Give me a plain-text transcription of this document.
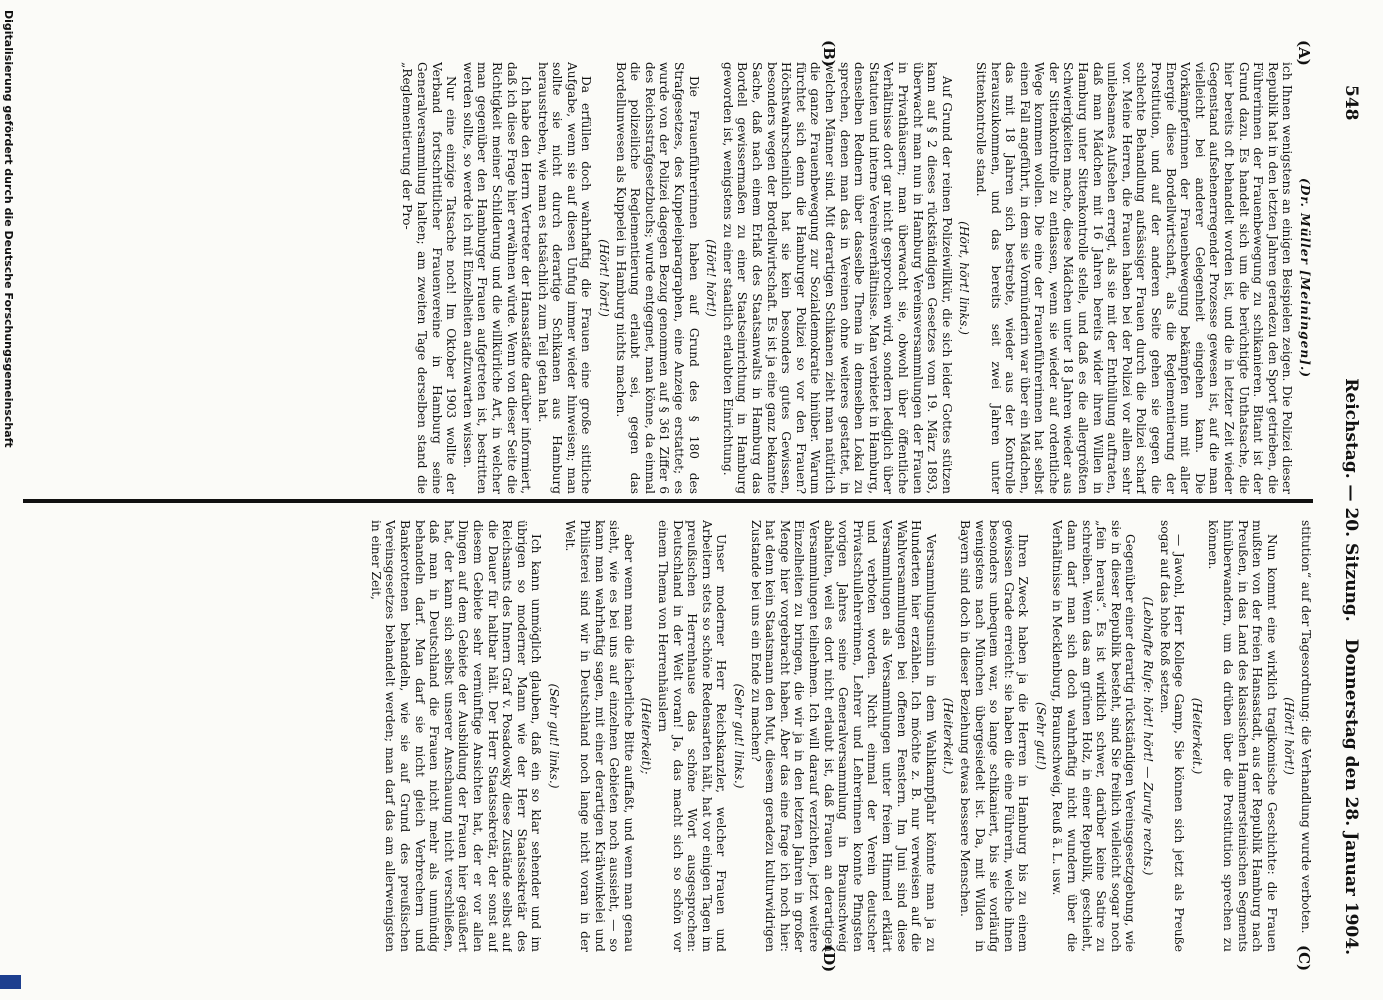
548
Reichstag. — 20. Sitzung.
Donnerstag den 28. Januar 1904.
(A)
(B)
(C)
(D)

(Dr. Müller [Meiningen].)

ich Ihnen wenigstens an einigen Beispielen zeigen. Die Polizei dieser Republik hat in den letzten Jahren geradezu den Sport getrieben, die Führerinnen der Frauenbewegung zu schikanieren. Bitant ist der Grund dazu. Es handelt sich um die berüchtigte Unthatsache, die hier bereits oft behandelt worden ist, und die in letzter Zeit wieder Gegenstand aufsehenerregender Prozesse gewesen ist, auf die man vielleicht bei anderer Gelegenheit eingehen kann. Die Vorkämpferinnen der Frauenbewegung bekämpfen nun mit aller Energie diese Bordellwirtschaft, als die Reglementierung der Prostitution, und auf der anderen Seite gehen sie gegen die schlechte Behandlung aufsässiger Frauen durch die Polizei scharf vor. Meine Herren, die Frauen haben bei der Polizei vor allem sehr unliebsames Aufsehen erregt, als sie mit der Enthüllung auftraten, daß man Mädchen mit 16 Jahren bereits wider ihren Willen in Hamburg unter Sittenkontrolle stelle, und daß es die allergrößten Schwierigkeiten mache, diese Mädchen unter 18 Jahren wieder aus der Sittenkontrolle zu entlassen, wenn sie wieder auf ordentliche Wege kommen wollen. Die eine der Frauenführerinnen hat selbst einen Fall angeführt, in dem sie Vormünderin war über ein Mädchen, das mit 18 Jahren sich bestrebte, wieder aus der Kontrolle herauszukommen, und das bereits seit zwei Jahren unter Sittenkontrolle stand.

(Hört, hört! links.)

Auf Grund der reinen Polizeiwillkür, die sich leider Gottes stützen kann auf § 2 dieses rückständigen Gesetzes vom 19. März 1893, überwacht man nun in Hamburg Vereinsversammlungen der Frauen in Privathäusern; man überwacht sie, obwohl über öffentliche Verhältnisse dort gar nicht gesprochen wird, sondern lediglich über Statuten und interne Vereinsverhältnisse. Man verbietet in Hamburg, denselben Rednern über dasselbe Thema in demselben Lokal zu sprechen, denen man das in Vereinen ohne weiteres gestattet, in welchen Männer sind. Mit derartigen Schikanen zieht man natürlich die ganze Frauenbewegung zur Sozialdemokratie hinüber. Warum fürchtet sich denn die Hamburger Polizei so vor den Frauen? Höchstwahrscheinlich hat sie kein besonders gutes Gewissen, besonders wegen der Bordellwirtschaft. Es ist ja eine ganz bekannte Sache, daß nach einem Erlaß des Staatsanwalts in Hamburg das Bordell gewissermaßen zu einer Staatseinrichtung in Hamburg geworden ist, wenigstens zu einer staatlich erlaubten Einrichtung.

(Hört! hört!)

Die Frauenführerinnen haben auf Grund des § 180 des Strafgesetzes, des Kuppeleiparagraphen, eine Anzeige erstattet; es wurde von der Polizei dagegen Bezug genommen auf § 361 Ziffer 6 des Reichsstrafgesetzbuchs; wurde entgegnet, man könne, da einmal die polizeiliche Reglementierung erlaubt sei, gegen das Bordellunwesen als Kuppelei in Hamburg nichts machen.

(Hört! hört!)

Da erfüllen doch wahrhaftig die Frauen eine große sittliche Aufgabe, wenn sie auf diesen Unfug immer wieder hinweisen; man sollte sie nicht durch derartige Schikanen aus Hamburg herausstreben, wie man es tatsächlich zum Teil getan hat.

Ich habe den Herrn Vertreter der Hansastädte darüber informiert, daß ich diese Frage hier erwähnen würde. Wenn von dieser Seite die Richtigkeit meiner Schilderung und die willkürliche Art, in welcher man gegenüber den Hamburger Frauen aufgetreten ist, bestritten werden sollte, so werde ich mit Einzelheiten aufzuwarten wissen.

Nur eine einzige Tatsache noch! Im Oktober 1903 wollte der Verband fortschrittlicher Frauenvereine in Hamburg seine Generalversammlung halten; am zweiten Tage derselben stand die „Reglementierung der Pro-

stitution“ auf der Tagesordnung: die Verhandlung wurde verboten.

(Hört! hört!)

Nun kommt eine wirklich tragikomische Geschichte: die Frauen mußten von der freien Hansastadt, aus der Republik Hamburg nach Preußen, in das Land des klassischen Hammersteinischen Segments hinüberwandern, um da drüben über die Prostitution sprechen zu können.

(Heiterkeit.)

— Jawohl, Herr Kollege Gamp, Sie können sich jetzt als Preuße sogar auf das hohe Roß setzen.

(Lebhafte Rufe: hört! hört! — Zurufe rechts.)

Gegenüber einer derartig rückständigen Vereinsgesetzgebung, wie sie in dieser Republik besteht, sind Sie freilich vielleicht sogar noch „fein heraus“. Es ist wirklich schwer, darüber keine Satire zu schreiben. Wenn das am grünen Holz, in einer Republik, geschieht, dann darf man sich doch wahrhaftig nicht wundern über die Verhältnisse in Mecklenburg, Braunschweig, Reuß ä. L. usw.

(Sehr gut!)

Ihren Zweck haben ja die Herren in Hamburg bis zu einem gewissen Grade erreicht: sie haben die eine Führerin, welche ihnen besonders unbequem war, so lange schikaniert, bis sie vorläufig wenigstens nach München übergesiedelt ist. Da, mit Wilden in Bayern sind doch in dieser Beziehung etwas bessere Menschen.

(Heiterkeit.)

Versammlungsunsinn in dem Wahlkampfjahr könnte man ja zu Hunderten hier erzählen. Ich möchte z. B. nur verweisen auf die Wahlversammlungen bei offenen Fenstern. Im Juni sind diese Versammlungen als Versammlungen unter freiem Himmel erklärt und verboten worden. Nicht einmal der Verein deutscher Privatschullehrerinnen, Lehrer und Lehrerinnen konnte Pfingsten vorigen Jahres seine Generalversammlung in Braunschweig abhalten, weil es dort nicht erlaubt ist, daß Frauen an derartigen Versammlungen teilnehmen. Ich will darauf verzichten, jetzt weitere Einzelheiten zu bringen, die wir ja in den letzten Jahren in großer Menge hier vorgebracht haben. Aber das eine frage ich noch hier: hat denn kein Staatsmann den Mut, diesem geradezu kulturwidrigen Zustande bei uns ein Ende zu machen?

(Sehr gut! links.)

Unser moderner Herr Reichskanzler, welcher Frauen und Arbeitern stets so schöne Redensarten hält, hat vor einigen Tagen im preußischen Herrenhause das schöne Wort ausgesprochen: Deutschland in der Welt voran! Ja, das macht sich so schön vor einem Thema von Herrenhäuslern

(Heiterkeit);

aber wenn man die lächerliche Bitte auffaßt, und wenn man genau sieht, wie es bei uns auf einzelnen Gebieten noch aussieht, — so kann man wahrhaftig sagen, mit einer derartigen Krähwinkelei und Philisterei sind wir in Deutschland noch lange nicht voran in der Welt.

(Sehr gut! links.)

Ich kann unmöglich glauben, daß ein so klar sehender und im übrigen so moderner Mann wie der Herr Staatssekretär des Reichsamts des Innern Graf v. Posadowsky diese Zustände selbst auf die Dauer für haltbar hält. Der Herr Staatssekretär, der sonst auf diesem Gebiete sehr vernünftige Ansichten hat, der er vor allen Dingen auf dem Gebiete der Ausbildung der Frauen hier geäußert hat, der kann sich selbst unserer Anschauung nicht verschließen, daß man in Deutschland die Frauen nicht mehr als unmündig behandeln darf. Man darf sie nicht gleich Verbrechern und Bankerottenen behandeln, wie sie auf Grund des preußischen Vereinsgesetzes behandelt werden; man darf das am allerwenigsten in einer Zeit,

Digitalisierung gefördert durch die Deutsche Forschungsgemeinschaft
